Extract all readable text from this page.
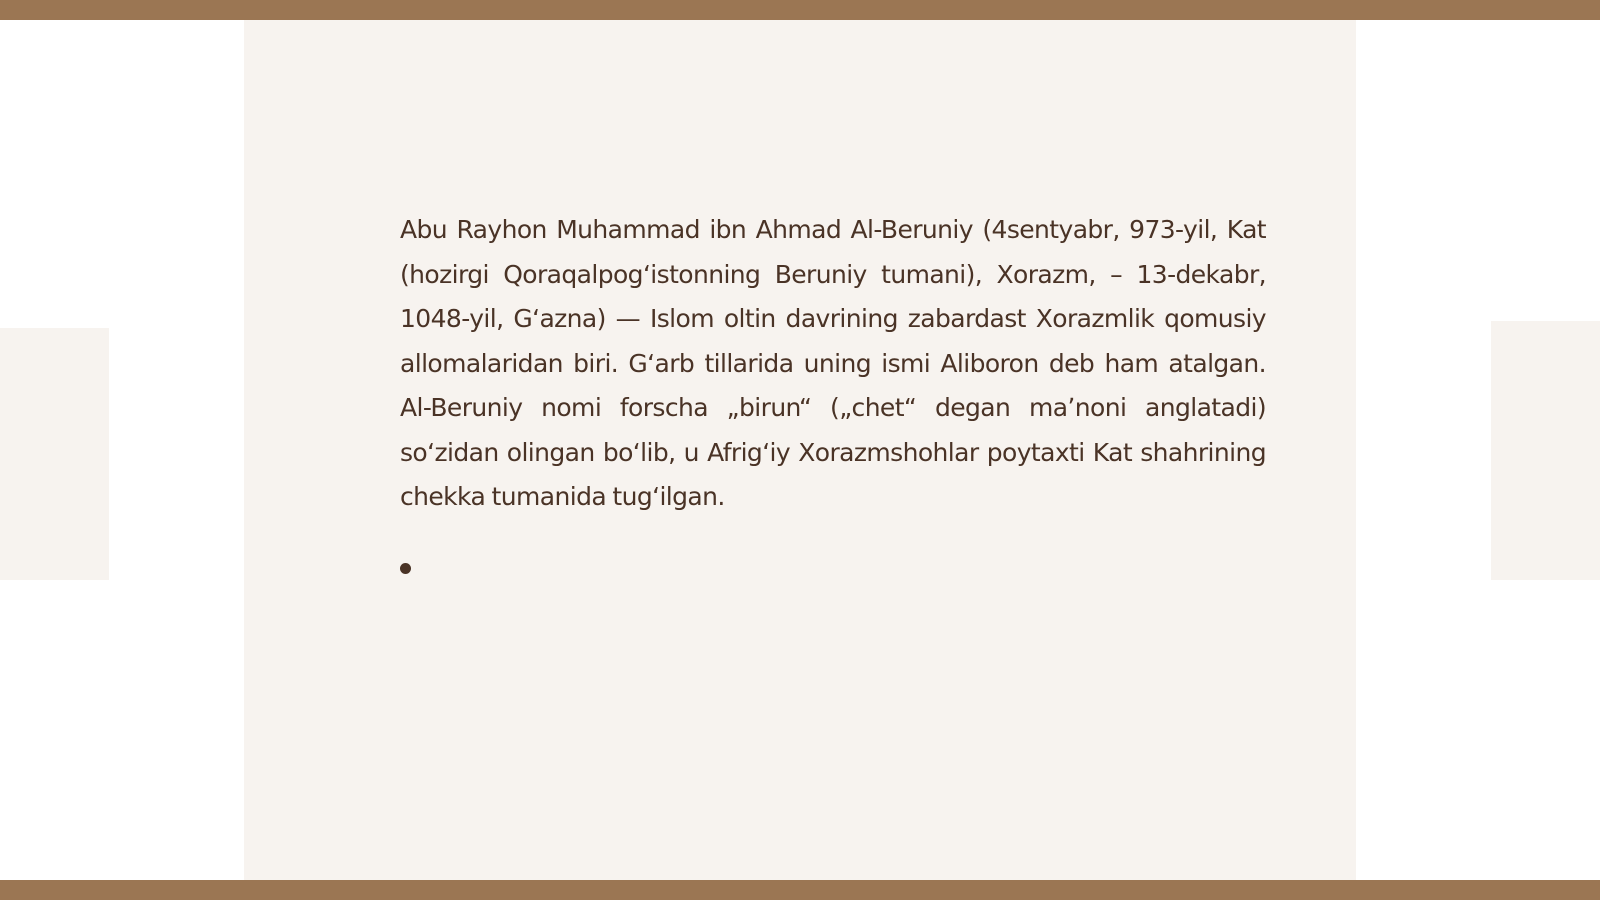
Abu Rayhon Muhammad ibn Ahmad Al-Beruniy (4sentyabr, 973-yil, Kat (hozirgi Qoraqalpogʻistonning Beruniy tumani), Xorazm, – 13-dekabr, 1048-yil, Gʻazna) — Islom oltin davrining zabardast Xorazmlik qomusiy allomalaridan biri. Gʻarb tillarida uning ismi Aliboron deb ham atalgan. Al-Beruniy nomi forscha „birun“ („chet“ degan maʼnoni anglatadi) soʻzidan olingan boʻlib, u Afrigʻiy Xorazmshohlar poytaxti Kat shahrining chekka tumanida tugʻilgan.
